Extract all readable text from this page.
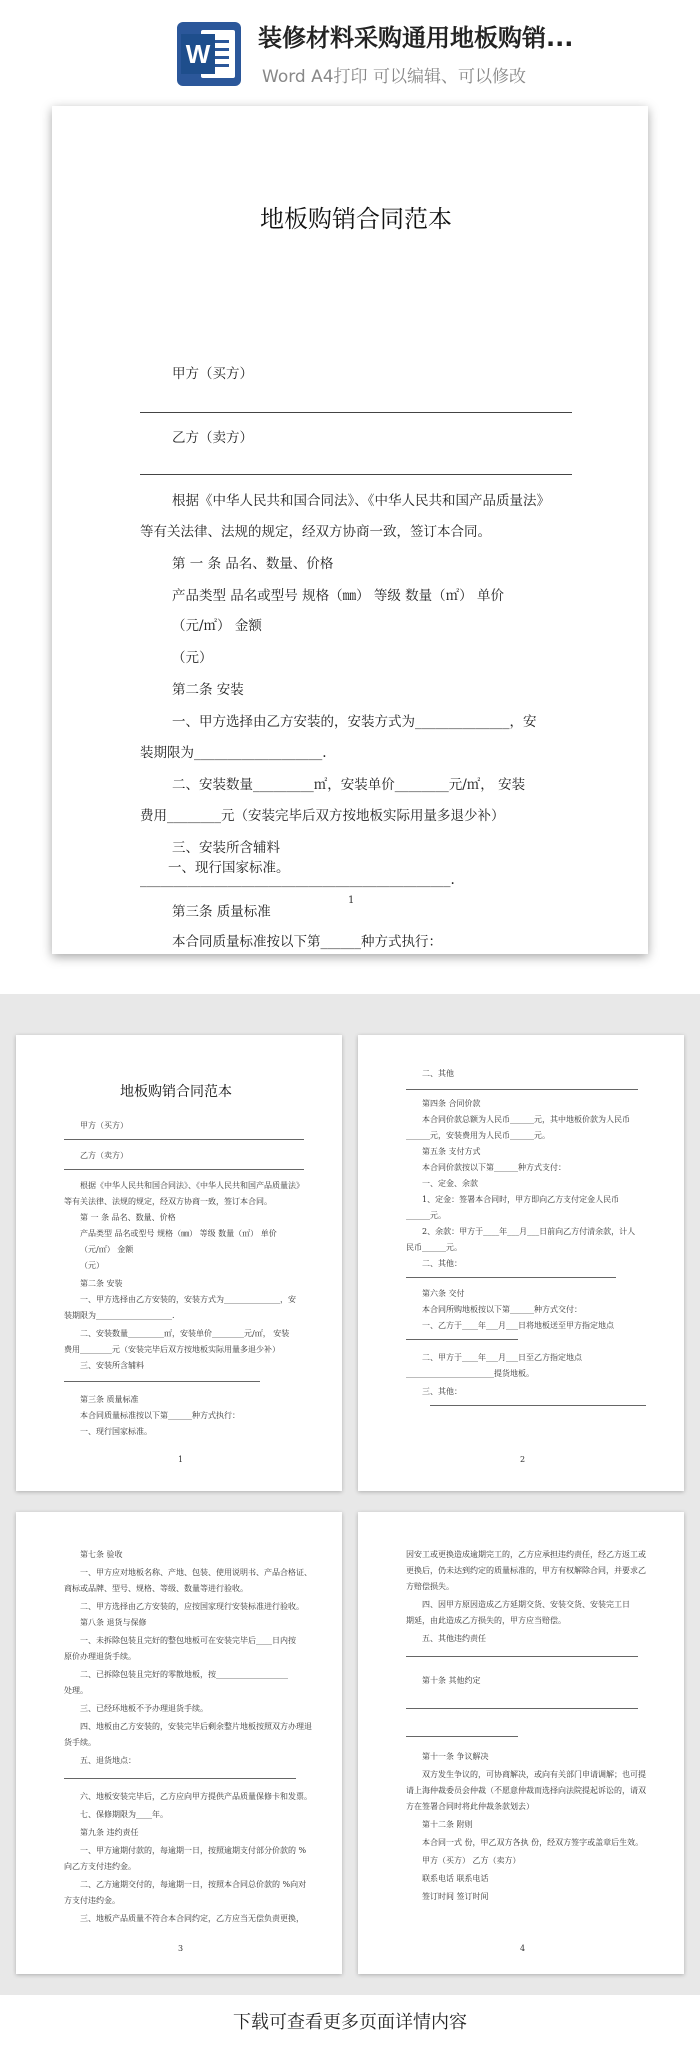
W
装修材料采购通用地板购销...
Word A4打印 可以编辑、可以修改
地板购销合同范本
甲方（买方）
乙方（卖方）
根据《中华人民共和国合同法》、《中华人民共和国产品质量法》
等有关法律、法规的规定，经双方协商一致，签订本合同。
第 一 条 品名、数量、价格
产品类型 品名或型号 规格（㎜） 等级 数量（㎡） 单价
（元/㎡） 金额
（元）
第二条 安装
一、甲方选择由乙方安装的，安装方式为______________，安
装期限为___________________.
二、安装数量_________㎡，安装单价________元/㎡， 安装
费用________元（安装完毕后双方按地板实际用量多退少补）
三、安装所含辅料
______________________________________________.
第三条 质量标准
本合同质量标准按以下第______种方式执行：
一、现行国家标准。
1
地板购销合同范本
甲方（买方）
乙方（卖方）
根据《中华人民共和国合同法》、《中华人民共和国产品质量法》
等有关法律、法规的规定，经双方协商一致，签订本合同。
第 一 条 品名、数量、价格
产品类型 品名或型号 规格（㎜） 等级 数量（㎡） 单价
（元/㎡） 金额
（元）
第二条 安装
一、甲方选择由乙方安装的，安装方式为______________，安
装期限为___________________.
二、安装数量_________㎡，安装单价________元/㎡， 安装
费用________元（安装完毕后双方按地板实际用量多退少补）
三、安装所含辅料
第三条 质量标准
本合同质量标准按以下第______种方式执行：
一、现行国家标准。
1
二、其他
第四条 合同价款
本合同价款总额为人民币______元，其中地板价款为人民币
______元，安装费用为人民币______元。
第五条 支付方式
本合同价款按以下第______种方式支付：
一、定金、余款
1、定金：签署本合同时，甲方即向乙方支付定金人民币
______元。
2、余款：甲方于____年___月___日前向乙方付清余款，计人
民币______元。
二、其他：
第六条 交付
本合同所购地板按以下第______种方式交付：
一、乙方于____年___月___日将地板送至甲方指定地点
二、甲方于____年___月___日至乙方指定地点
______________________提货地板。
三、其他：
2
第七条 验收
一、甲方应对地板名称、产地、包装、使用说明书、产品合格证、
商标或品牌、型号、规格、等级、数量等进行验收。
二、甲方选择由乙方安装的，应按国家现行安装标准进行验收。
第八条 退货与保修
一、未拆除包装且完好的整包地板可在安装完毕后____日内按
原价办理退货手续。
二、已拆除包装且完好的零散地板，按__________________
处理。
三、已经环地板不予办理退货手续。
四、地板由乙方安装的，安装完毕后剩余整片地板按照双方办理退
货手续。
五、退货地点：
六、地板安装完毕后，乙方应向甲方提供产品质量保修卡和发票。
七、保修期限为____年。
第九条 违约责任
一、甲方逾期付款的，每逾期一日，按照逾期支付部分价款的 %
向乙方支付违约金。
二、乙方逾期交付的，每逾期一日，按照本合同总价款的 %向对
方支付违约金。
三、地板产品质量不符合本合同约定，乙方应当无偿负责更换，
3
因安工或更换造成逾期完工的，乙方应承担违约责任，经乙方返工或
更换后，仍未达到约定的质量标准的，甲方有权解除合同，并要求乙
方赔偿损失。
四、因甲方原因造成乙方延期交货、安装交货、安装完工日
期延，由此造成乙方损失的，甲方应当赔偿。
五、其他违约责任
第十条 其他约定
第十一条 争议解决
双方发生争议的，可协商解决，或向有关部门申请调解；也可提
请上海仲裁委员会仲裁（不愿意仲裁而选择向法院提起诉讼的，请双
方在签署合同时将此仲裁条款划去）
第十二条 附则
本合同一式 份，甲乙双方各执 份，经双方签字或盖章后生效。
甲方（买方） 乙方（卖方）
联系电话 联系电话
签订时间 签订时间
4
下载可查看更多页面详情内容
